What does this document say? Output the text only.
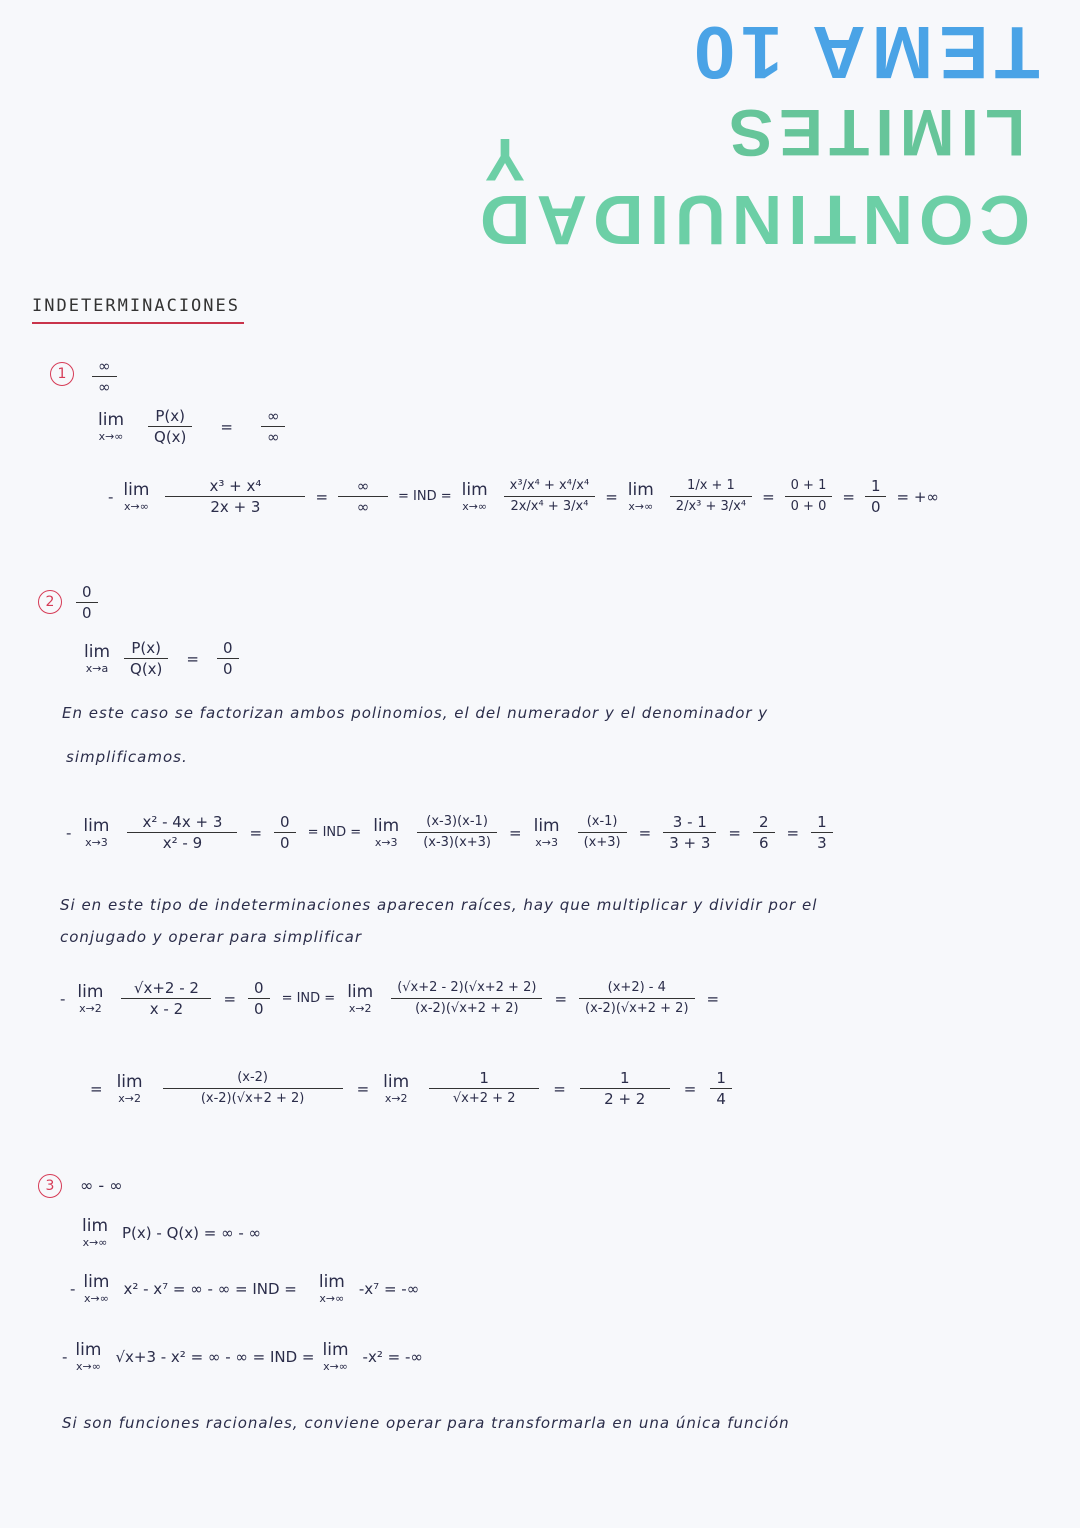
TEMA 10
LIMITES
Y
CONTINUIDAD
INDETERMINACIONES
1	∞
∞
lim
$x\to\infty \frac{P(x)}{Q(x)} = \frac{\infty}{\infty}$
- lim
$x\to\infty \frac{\text{x³ + x⁴}}{2x + 3} = \frac{\infty}{\infty}$ = IND = lim
$x\to\infty \frac{\text{x³/x⁴ + x⁴/x⁴}}{\text{2x/x⁴ + 3/x⁴}} = \lim$
$x\to\infty \frac{1/x + 1}{\text{2/x³ + 3/x⁴}} = \frac{0 + 1}{0 + 0} = \frac{1}{0}$ = +∞
2
0
0
lim
$x\to a \frac{P(x)}{Q(x)} = \frac{0}{0}$
En este caso se factorizan ambos polinomios, el del numerador y el denominador y
simplificamos.
- lim
$x\to 3 \frac{\text{x² - 4x + 3}}{\text{x² - 9}} = \frac{0}{0}$ = IND = lim
$x\to 3 \frac{(x-3)(x-1)}{(x-3)(x+3)} = \lim$
$x\to 3 \frac{(x-1)}{(x+3)} = \frac{3 - 1}{3 + 3} = \frac{2}{6} = \frac{1}{3}$
Si en este tipo de indeterminaciones aparecen raíces, hay que multiplicar y dividir por el
conjugado y operar para simplificar
- lim
$x\to 2 \frac{√x+2 - 2}{x - 2} = \frac{0}{0}$ = IND = lim
$x\to 2 \frac{(√x+2 - 2)(√x+2 + 2)}{(x-2)(√x+2 + 2)} = \frac{(x+2) - 4}{(x-2)(√x+2 + 2)}$ =
= lim
$x\to 2 \frac{(x-2)}{(x-2)(√x+2 + 2)} = \lim$
$x\to 2 \frac{1}{√x+2 + 2} = \frac{1}{2 + 2} = \frac{1}{4}$
3	∞ - ∞
lim
x→∞
P(x) - Q(x) = ∞ - ∞
- lim
x→∞
x² - x⁷ = ∞ - ∞ = IND = lim
x→∞
-x⁷ = -∞
- lim
x→∞
√x+3 - x² = ∞ - ∞ = IND = lim
x→∞
-x² = -∞
Si son funciones racionales, conviene operar para transformarla en una única función
